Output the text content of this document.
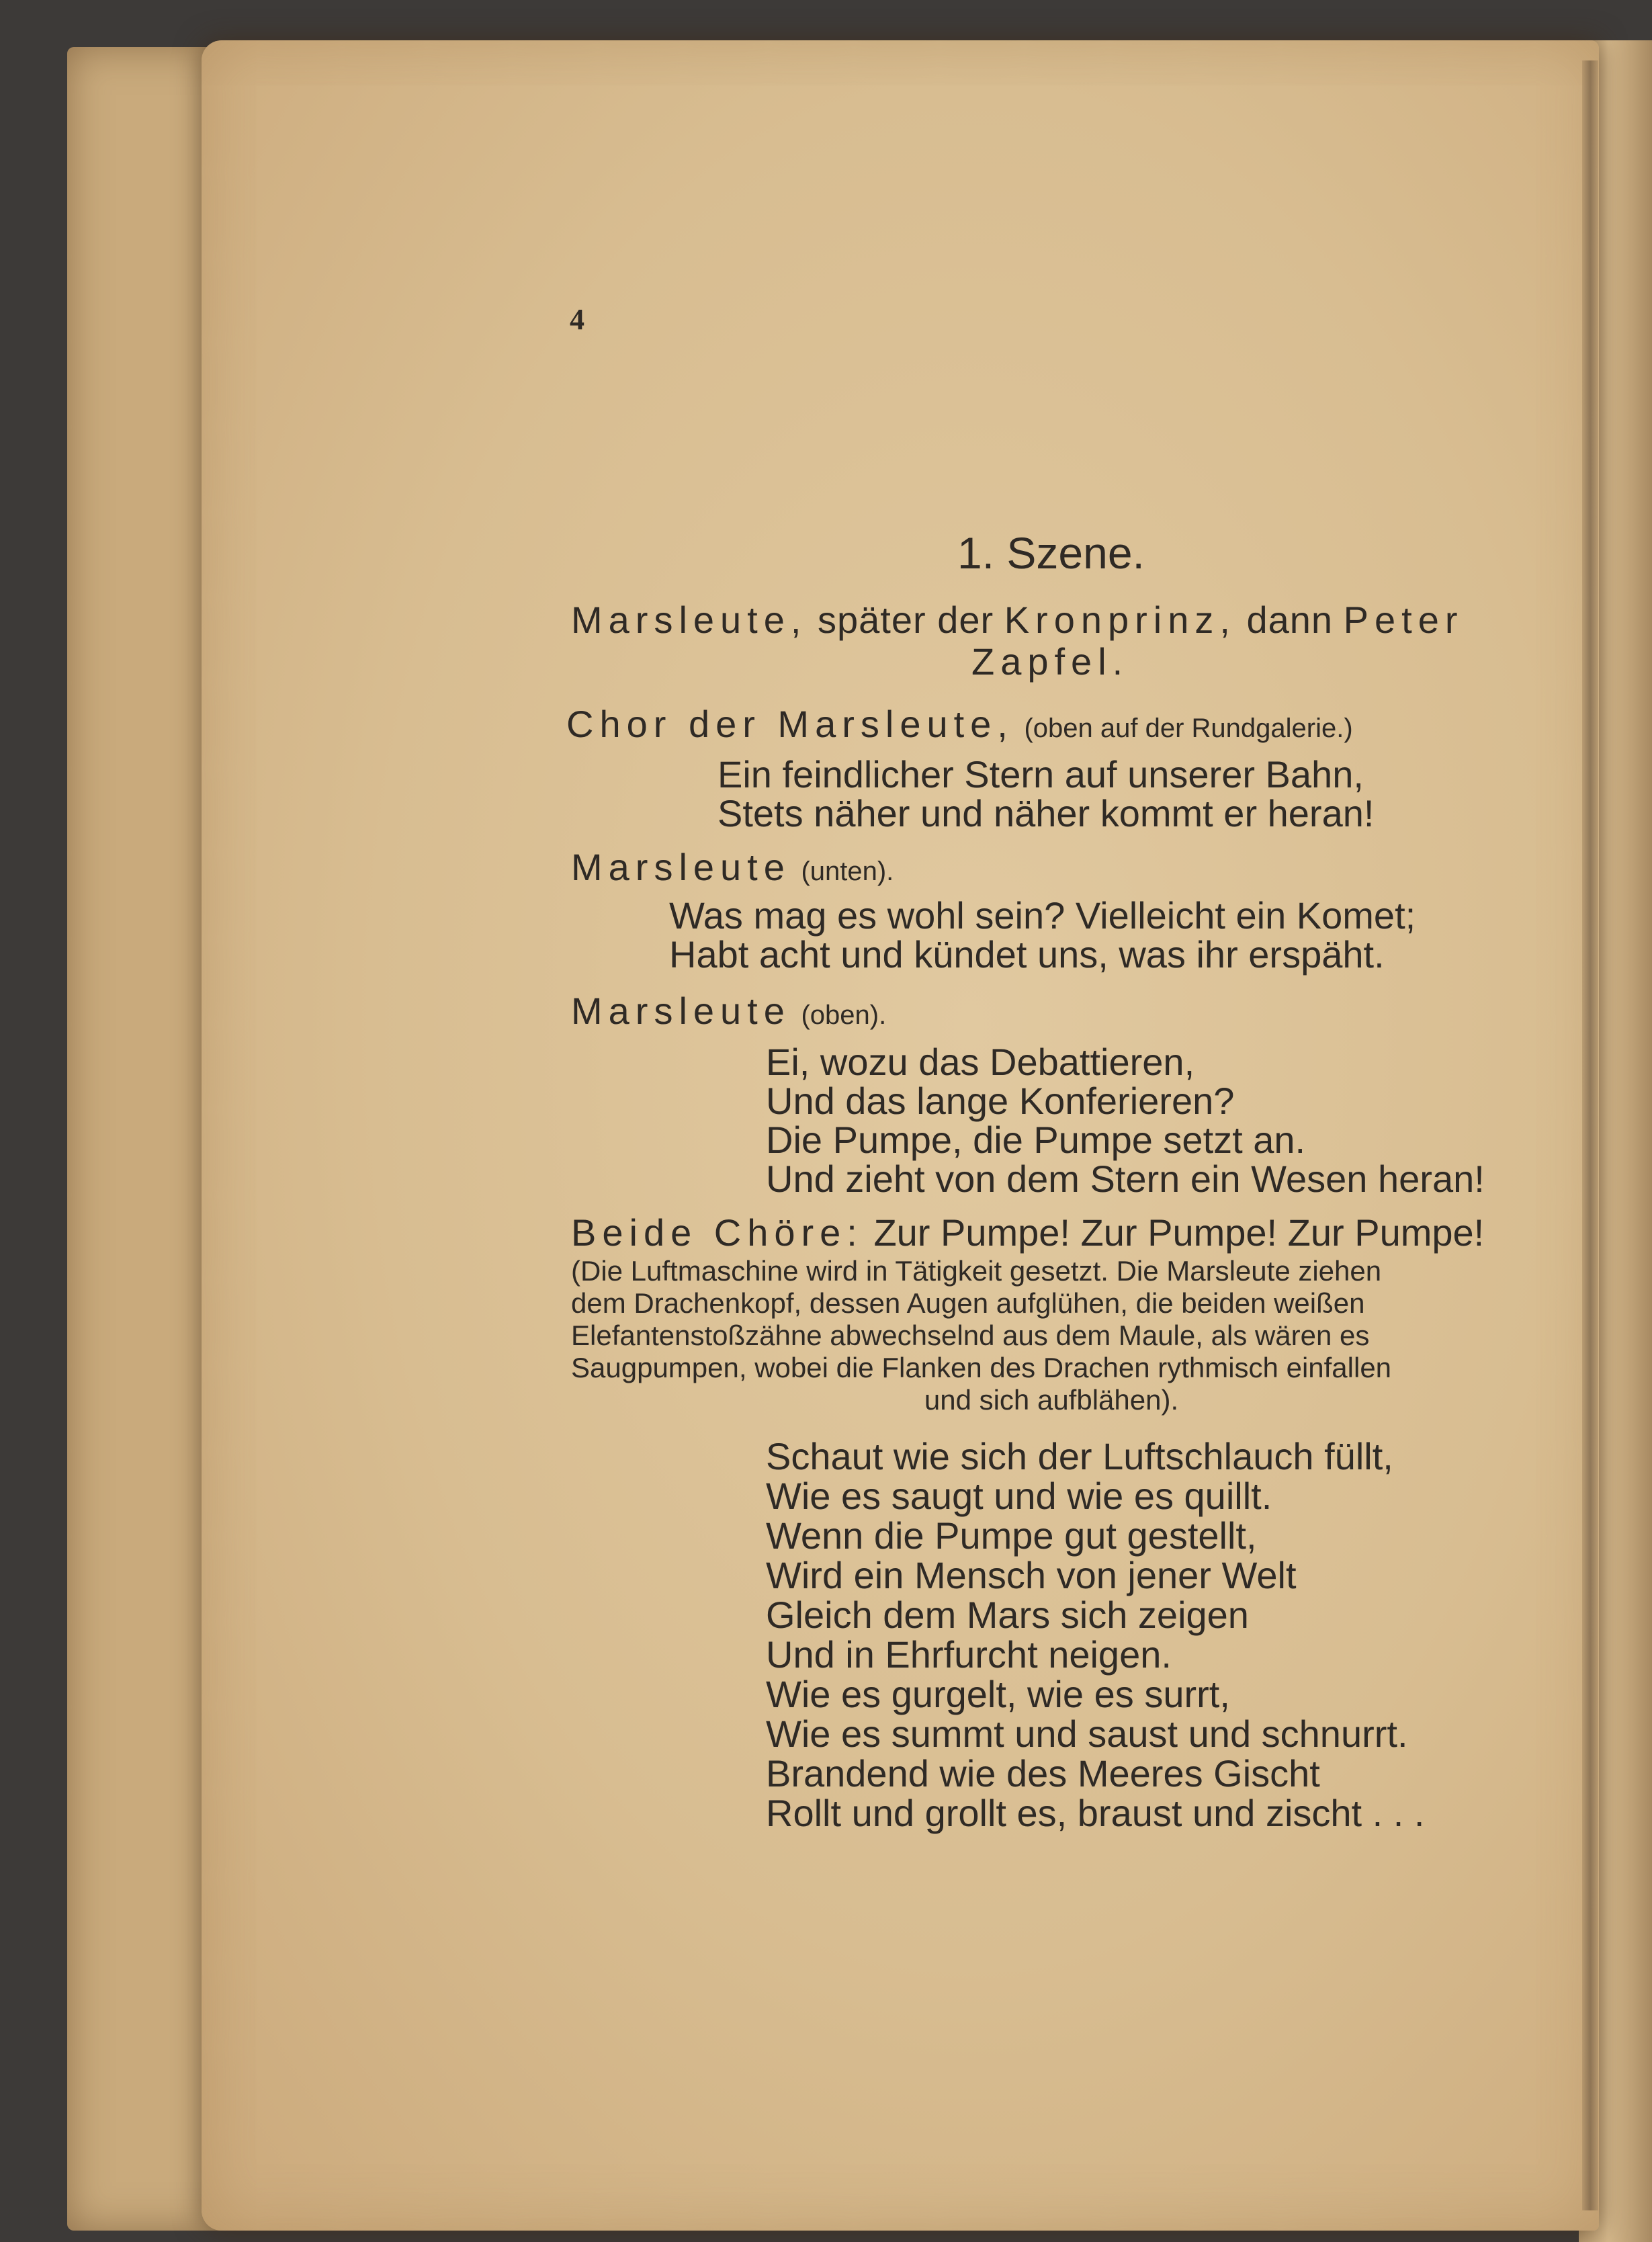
4
1. Szene.
Marsleute, später der Kronprinz, dann Peter
Zapfel.
Chor der Marsleute, (oben auf der Rundgalerie.)
Ein feindlicher Stern auf unserer Bahn,
Stets näher und näher kommt er heran!
Marsleute (unten).
Was mag es wohl sein? Vielleicht ein Komet;
Habt acht und kündet uns, was ihr erspäht.
Marsleute (oben).
Ei, wozu das Debattieren,
Und das lange Konferieren?
Die Pumpe, die Pumpe setzt an.
Und zieht von dem Stern ein Wesen heran!
Beide Chöre: Zur Pumpe! Zur Pumpe! Zur Pumpe!
(Die Luftmaschine wird in Tätigkeit gesetzt. Die Marsleute ziehen
dem Drachenkopf, dessen Augen aufglühen, die beiden weißen
Elefantenstoßzähne abwechselnd aus dem Maule, als wären es
Saugpumpen, wobei die Flanken des Drachen rythmisch einfallen
und sich aufblähen).
Schaut wie sich der Luftschlauch füllt,
Wie es saugt und wie es quillt.
Wenn die Pumpe gut gestellt,
Wird ein Mensch von jener Welt
Gleich dem Mars sich zeigen
Und in Ehrfurcht neigen.
Wie es gurgelt, wie es surrt,
Wie es summt und saust und schnurrt.
Brandend wie des Meeres Gischt
Rollt und grollt es, braust und zischt . . .
